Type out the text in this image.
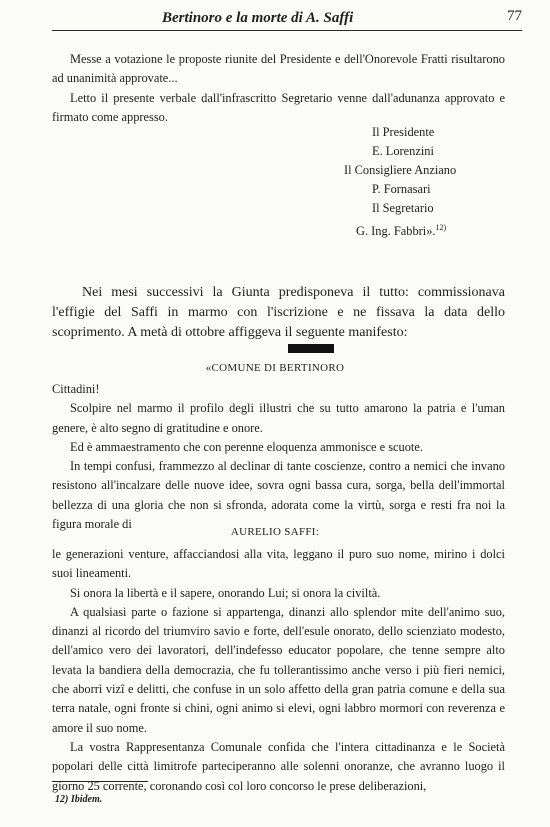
Bertinoro e la morte di A. Saffi	77

Messe a votazione le proposte riunite del Presidente e dell'Onorevole Fratti risultarono ad unanimità approvate...

Letto il presente verbale dall'infrascritto Segretario venne dall'adunanza approvato e firmato come appresso.

Il Presidente
E. Lorenzini
Il Consigliere Anziano
P. Fornasari
Il Segretario
G. Ing. Fabbri».$^{12)}$

Nei mesi successivi la Giunta predisponeva il tutto: commissionava l'effigie del Saffi in marmo con l'iscrizione e ne fissava la data dello scoprimento. A metà di ottobre affiggeva il seguente manifesto:

«COMUNE DI BERTINORO

Cittadini!

Scolpire nel marmo il profilo degli illustri che su tutto amarono la patria e l'uman genere, è alto segno di gratitudine e onore.

Ed è ammaestramento che con perenne eloquenza ammonisce e scuote.

In tempi confusi, frammezzo al declinar di tante coscienze, contro a nemici che invano resistono all'incalzare delle nuove idee, sovra ogni bassa cura, sorga, bella dell'immortal bellezza di una gloria che non si sfronda, adorata come la virtù, sorga e resti fra noi la figura morale di

AURELIO SAFFI:

le generazioni venture, affacciandosi alla vita, leggano il puro suo nome, mirino i dolci suoi lineamenti.

Si onora la libertà e il sapere, onorando Lui; si onora la civiltà.

A qualsiasi parte o fazione si appartenga, dinanzi allo splendor mite dell'animo suo, dinanzi al ricordo del triumviro savio e forte, dell'esule onorato, dello scienziato modesto, dell'amico vero dei lavoratori, dell'indefesso educator popolare, che tenne sempre alto levata la bandiera della democrazia, che fu tollerantissimo anche verso i più fieri nemici, che aborrì vizî e delitti, che confuse in un solo affetto della gran patria comune e della sua terra natale, ogni fronte si chini, ogni animo si elevi, ogni labbro mormori con reverenza e amore il suo nome.

La vostra Rappresentanza Comunale confida che l'intera cittadinanza e le Società popolari delle città limitrofe parteciperanno alle solenni onoranze, che avranno luogo il giorno 25 corrente, coronando così col loro concorso le prese deliberazioni,

12) Ibidem.
